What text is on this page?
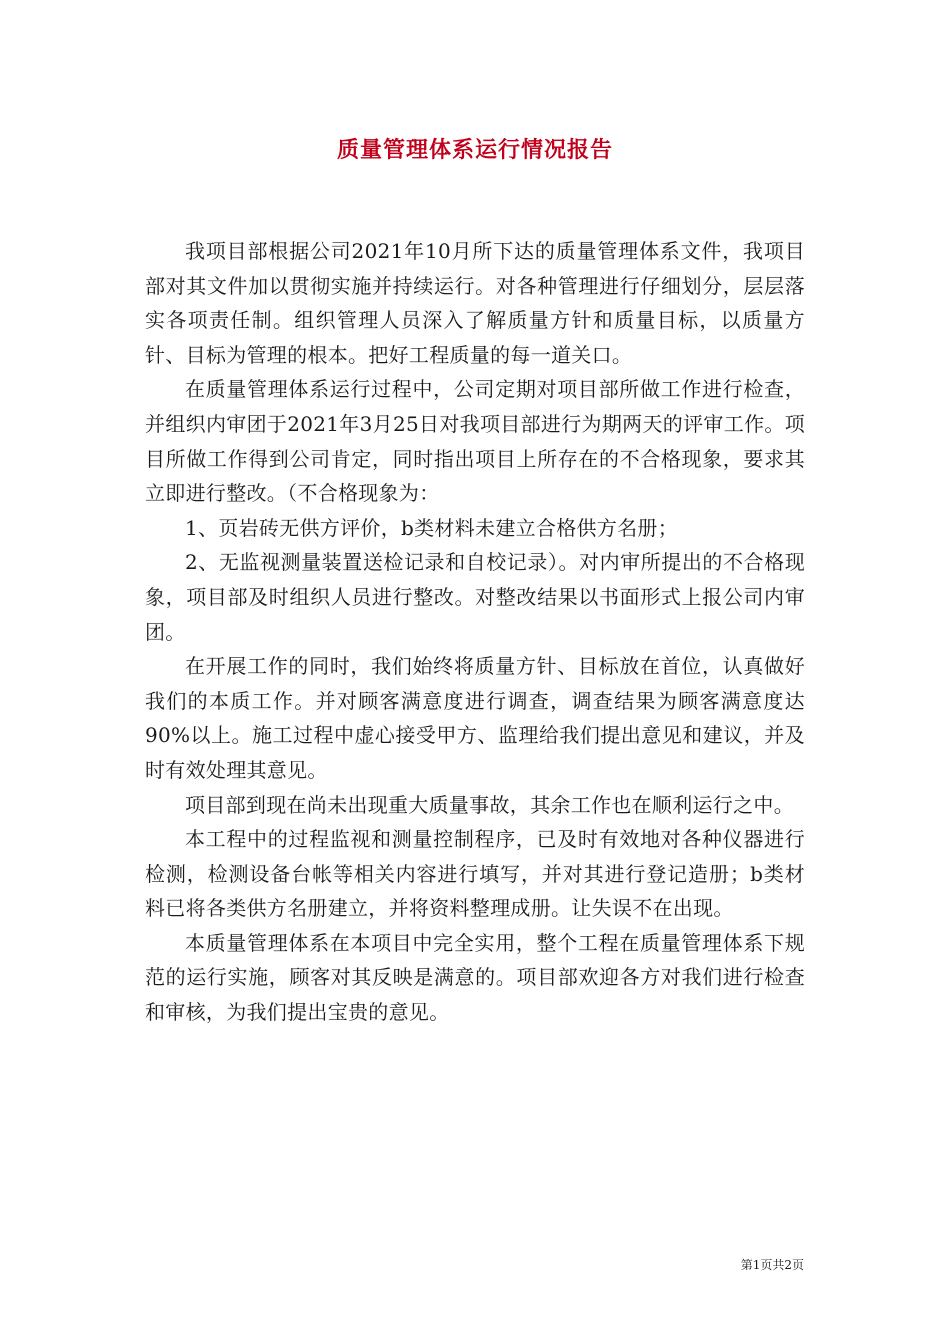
质量管理体系运行情况报告

我项目部根据公司2021年10月所下达的质量管理体系文件，我项目部对其文件加以贯彻实施并持续运行。对各种管理进行仔细划分，层层落实各项责任制。组织管理人员深入了解质量方针和质量目标，以质量方针、目标为管理的根本。把好工程质量的每一道关口。

在质量管理体系运行过程中，公司定期对项目部所做工作进行检查，并组织内审团于2021年3月25日对我项目部进行为期两天的评审工作。项目所做工作得到公司肯定，同时指出项目上所存在的不合格现象，要求其立即进行整改。（不合格现象为：

1、页岩砖无供方评价，b类材料未建立合格供方名册；

2、无监视测量装置送检记录和自校记录）。对内审所提出的不合格现象，项目部及时组织人员进行整改。对整改结果以书面形式上报公司内审团。

在开展工作的同时，我们始终将质量方针、目标放在首位，认真做好我们的本质工作。并对顾客满意度进行调查，调查结果为顾客满意度达90%以上。施工过程中虚心接受甲方、监理给我们提出意见和建议，并及时有效处理其意见。

项目部到现在尚未出现重大质量事故，其余工作也在顺利运行之中。

本工程中的过程监视和测量控制程序，已及时有效地对各种仪器进行检测，检测设备台帐等相关内容进行填写，并对其进行登记造册；b类材料已将各类供方名册建立，并将资料整理成册。让失误不在出现。

本质量管理体系在本项目中完全实用，整个工程在质量管理体系下规范的运行实施，顾客对其反映是满意的。项目部欢迎各方对我们进行检查和审核，为我们提出宝贵的意见。

第1页共2页
